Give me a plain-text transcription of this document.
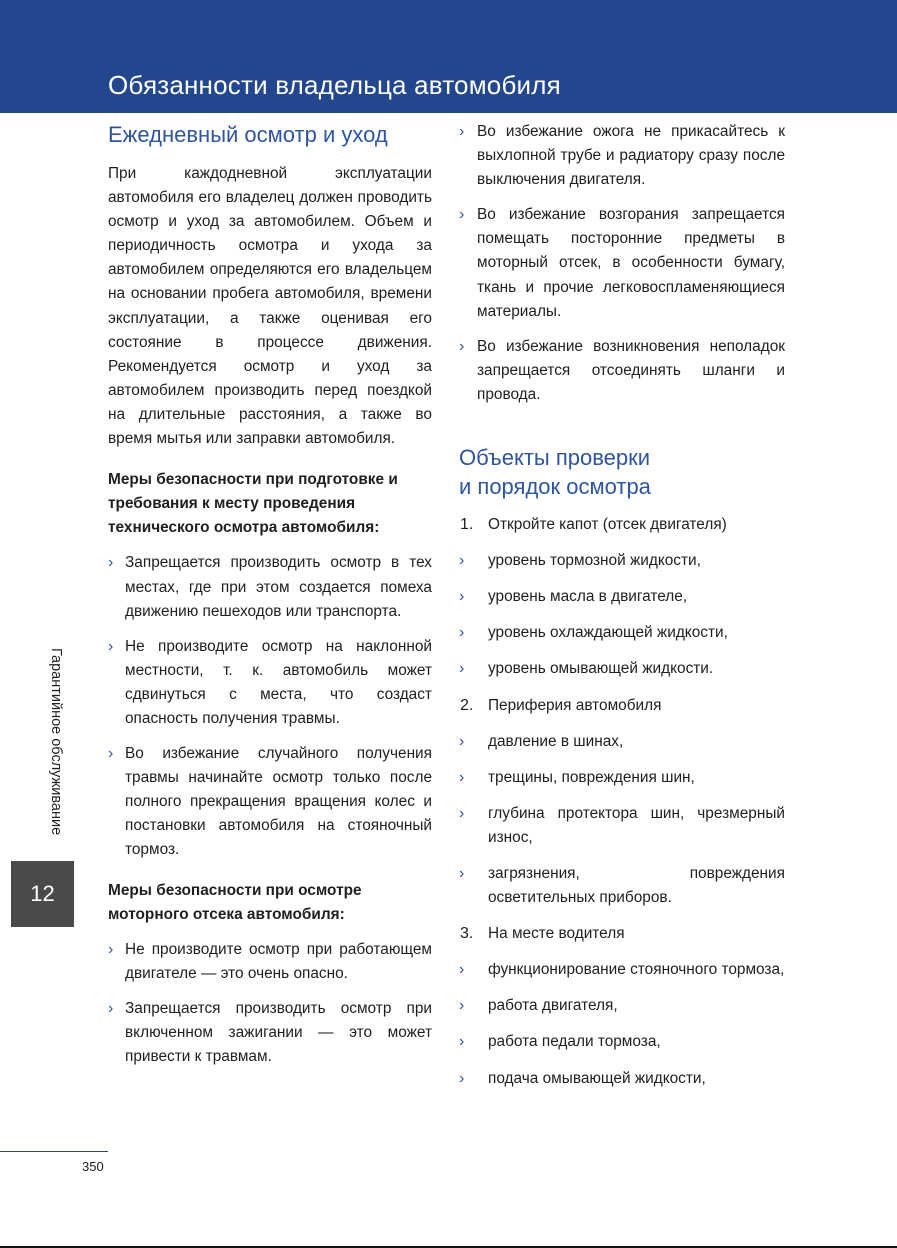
Обязанности владельца автомобиля
Гарантийное обслуживание
12
Ежедневный осмотр и уход

При каждодневной эксплуатации автомобиля его владелец должен проводить осмотр и уход за автомобилем. Объем и периодичность осмотра и ухода за автомобилем определяются его владельцем на основании пробега автомобиля, времени эксплуатации, а также оценивая его состояние в процессе движения. Рекомендуется осмотр и уход за автомобилем производить перед поездкой на длительные расстояния, а также во время мытья или заправки автомобиля.

Меры безопасности при подготовке и требования к месту проведения технического осмотра автомобиля:

› Запрещается производить осмотр в тех местах, где при этом создается помеха движению пешеходов или транспорта.
› Не производите осмотр на наклонной местности, т. к. автомобиль может сдвинуться с места, что создаст опасность получения травмы.
› Во избежание случайного получения травмы начинайте осмотр только после полного прекращения вращения колес и постановки автомобиля на стояночный тормоз.

Меры безопасности при осмотре моторного отсека автомобиля:

› Не производите осмотр при работающем двигателе — это очень опасно.
› Запрещается производить осмотр при включенном зажигании — это может привести к травмам.
› Во избежание ожога не прикасайтесь к выхлопной трубе и радиатору сразу после выключения двигателя.
› Во избежание возгорания запрещается помещать посторонние предметы в моторный отсек, в особенности бумагу, ткань и прочие легковоспламеняющиеся материалы.
› Во избежание возникновения неполадок запрещается отсоединять шланги и провода.
Объекты проверки
и порядок осмотра
1. Откройте капот (отсек двигателя)
› уровень тормозной жидкости,
› уровень масла в двигателе,
› уровень охлаждающей жидкости,
› уровень омывающей жидкости.
2. Периферия автомобиля
› давление в шинах,
› трещины, повреждения шин,
› глубина протектора шин, чрезмерный износ,
› загрязнения, повреждения осветительных приборов.
3. На месте водителя
› функционирование стояночного тормоза,
› работа двигателя,
› работа педали тормоза,
› подача омывающей жидкости,
350
